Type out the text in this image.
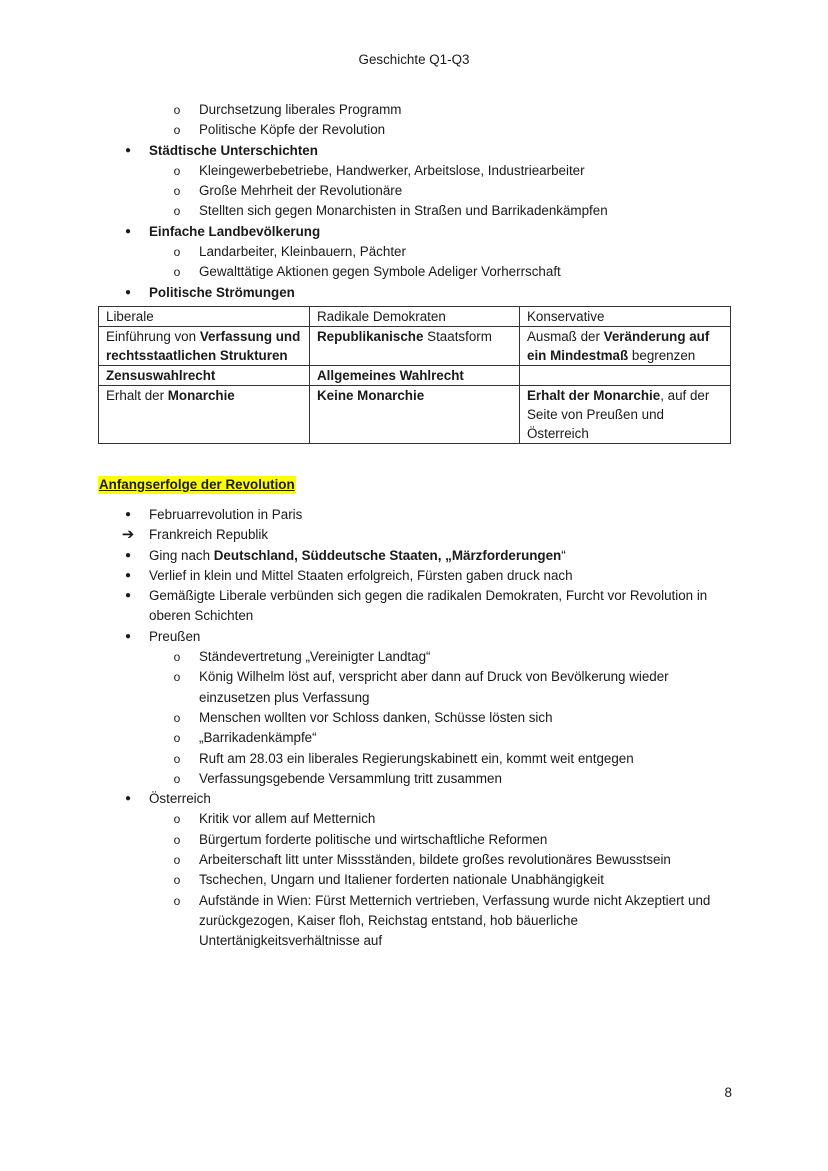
Geschichte Q1-Q3
o Durchsetzung liberales Programm
o Politische Köpfe der Revolution
● Städtische Unterschichten
o Kleingewerbebetriebe, Handwerker, Arbeitslose, Industriearbeiter
o Große Mehrheit der Revolutionäre
o Stellten sich gegen Monarchisten in Straßen und Barrikadenkämpfen
● Einfache Landbevölkerung
o Landarbeiter, Kleinbauern, Pächter
o Gewalttätige Aktionen gegen Symbole Adeliger Vorherrschaft
● Politische Strömungen
Liberale	Radikale Demokraten	Konservative
Einführung von Verfassung und rechtsstaatlichen Strukturen	Republikanische Staatsform	Ausmaß der Veränderung auf ein Mindestmaß begrenzen
Zensuswahlrecht	Allgemeines Wahlrecht	
Erhalt der Monarchie	Keine Monarchie	Erhalt der Monarchie, auf der Seite von Preußen und Österreich
Anfangserfolge der Revolution
● Februarrevolution in Paris
➔ Frankreich Republik
● Ging nach Deutschland, Süddeutsche Staaten, „Märzforderungen“
● Verlief in klein und Mittel Staaten erfolgreich, Fürsten gaben druck nach
● Gemäßigte Liberale verbünden sich gegen die radikalen Demokraten, Furcht vor Revolution in oberen Schichten
● Preußen
o Ständevertretung „Vereinigter Landtag“
o König Wilhelm löst auf, verspricht aber dann auf Druck von Bevölkerung wieder einzusetzen plus Verfassung
o Menschen wollten vor Schloss danken, Schüsse lösten sich
o „Barrikadenkämpfe“
o Ruft am 28.03 ein liberales Regierungskabinett ein, kommt weit entgegen
o Verfassungsgebende Versammlung tritt zusammen
● Österreich
o Kritik vor allem auf Metternich
o Bürgertum forderte politische und wirtschaftliche Reformen
o Arbeiterschaft litt unter Missständen, bildete großes revolutionäres Bewusstsein
o Tschechen, Ungarn und Italiener forderten nationale Unabhängigkeit
o Aufstände in Wien: Fürst Metternich vertrieben, Verfassung wurde nicht Akzeptiert und zurückgezogen, Kaiser floh, Reichstag entstand, hob bäuerliche Untertänigkeitsverhältnisse auf
8
